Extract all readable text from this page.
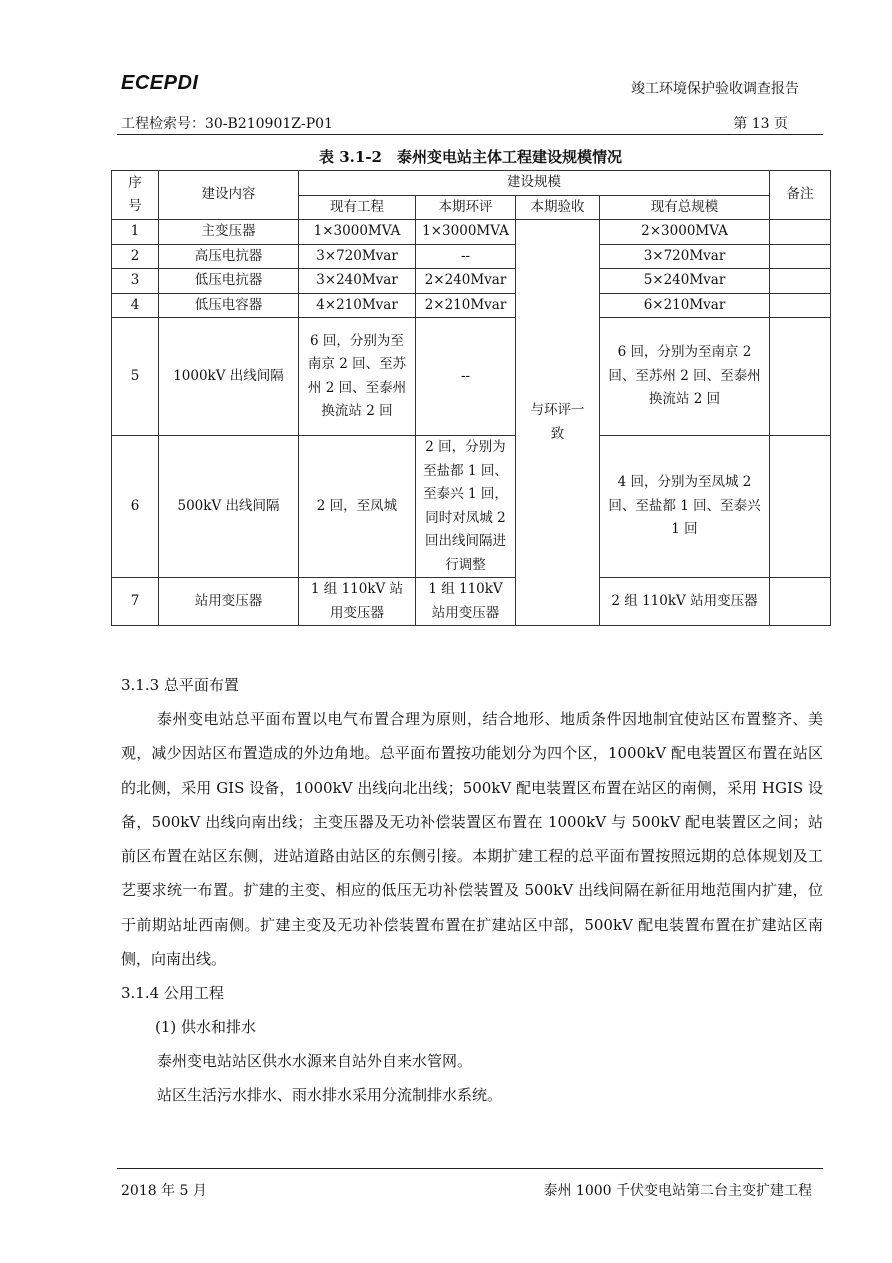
ECEPDI	竣工环境保护验收调查报告
工程检索号：30-B210901Z-P01	第 13 页
表 3.1-2　泰州变电站主体工程建设规模情况
序号	建设内容	建设规模				备注
		现有工程	本期环评	本期验收	现有总规模	
1	主变压器	1×3000MVA	1×3000MVA	与环评一致	2×3000MVA	
2	高压电抗器	3×720Mvar	--		3×720Mvar	
3	低压电抗器	3×240Mvar	2×240Mvar		5×240Mvar	
4	低压电容器	4×210Mvar	2×210Mvar		6×210Mvar	
5	1000kV 出线间隔	6 回，分别为至南京 2 回、至苏州 2 回、至泰州换流站 2 回	--		6 回，分别为至南京 2 回、至苏州 2 回、至泰州换流站 2 回	

6	500kV 出线间隔	2 回，至凤城	2 回，分别为至盐都 1 回、至泰兴 1 回，同时对凤城 2 回出线间隔进行调整		4 回，分别为至凤城 2 回、至盐都 1 回、至泰兴 1 回	

7	站用变压器	1 组 110kV 站用变压器	1 组 110kV 站用变压器		2 组 110kV 站用变压器	

3.1.3 总平面布置

泰州变电站总平面布置以电气布置合理为原则，结合地形、地质条件因地制宜使站区布置整齐、美观，减少因站区布置造成的外边角地。总平面布置按功能划分为四个区，1000kV 配电装置区布置在站区的北侧，采用 GIS 设备，1000kV 出线向北出线；500kV 配电装置区布置在站区的南侧，采用 HGIS 设备，500kV 出线向南出线；主变压器及无功补偿装置区布置在 1000kV 与 500kV 配电装置区之间；站前区布置在站区东侧，进站道路由站区的东侧引接。本期扩建工程的总平面布置按照远期的总体规划及工艺要求统一布置。扩建的主变、相应的低压无功补偿装置及 500kV 出线间隔在新征用地范围内扩建，位于前期站址西南侧。扩建主变及无功补偿装置布置在扩建站区中部，500kV 配电装置布置在扩建站区南侧，向南出线。

3.1.4 公用工程

(1) 供水和排水

泰州变电站站区供水水源来自站外自来水管网。

站区生活污水排水、雨水排水采用分流制排水系统。

2018 年 5 月	泰州 1000 千伏变电站第二台主变扩建工程
